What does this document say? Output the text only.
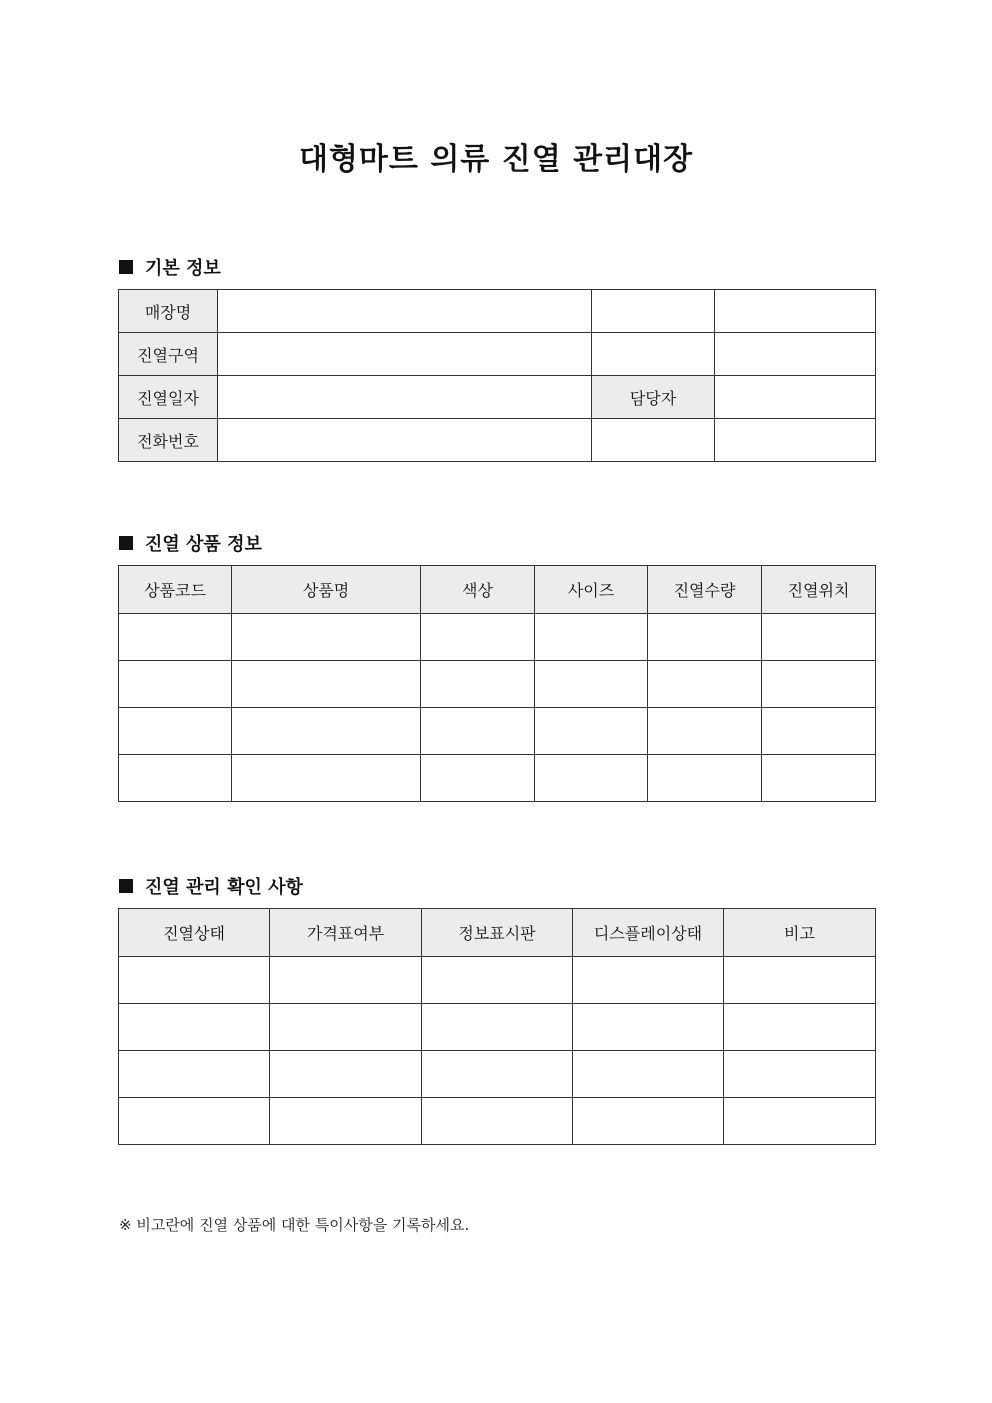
대형마트 의류 진열 관리대장
기본 정보
매장명			
진열구역			
진열일자		담당자	
전화번호			
진열 상품 정보
상품코드	상품명	색상	사이즈	진열수량	진열위치

진열 관리 확인 사항
진열상태	가격표여부	정보표시판	디스플레이상태	비고

※ 비고란에 진열 상품에 대한 특이사항을 기록하세요.
